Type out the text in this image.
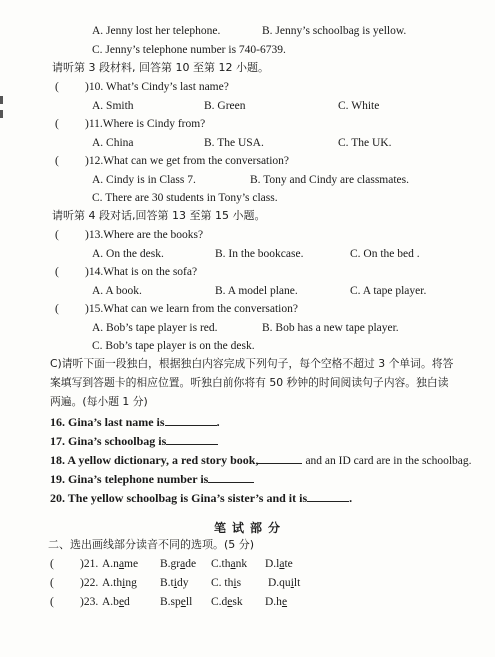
A. Jenny lost her telephone.	B. Jenny’s schoolbag is yellow.
C. Jenny’s telephone number is 740-6739.
请听第 3 段材料, 回答第 10 至第 12 小题。
( )10. What’s Cindy’s last name?
A. Smith	B. Green	C. White
( )11.Where is Cindy from?
A. China	B. The USA.	C. The UK.
( )12.What can we get from the conversation?
A. Cindy is in Class 7.	B. Tony and Cindy are classmates.
C. There are 30 students in Tony’s class.
请听第 4 段对话,回答第 13 至第 15 小题。
( )13.Where are the books?
A. On the desk.	B. In the bookcase.	C. On the bed .
( )14.What is on the sofa?
A. A book.	B. A model plane.	C. A tape player.
( )15.What can we learn from the conversation?
A. Bob’s tape player is red.	B. Bob has a new tape player.
C. Bob’s tape player is on the desk.
C)请听下面一段独白，根据独白内容完成下列句子，每个空格不超过 3 个单词。将答
案填写到答题卡的相应位置。听独白前你将有 50 秒钟的时间阅读句子内容。独白读
两遍。(每小题 1 分)
16. Gina’s last name is	.
17. Gina’s schoolbag is
18. A yellow dictionary, a red story book,	and an ID card are in the schoolbag.
19. Gina’s telephone number is
20. The yellow schoolbag is Gina’s sister’s and it is	.
笔试部分
二、选出画线部分读音不同的选项。(5 分)
( )21. A.name B.grade C.thank D.late
( )22. A.thing B.tidy C. this D.quilt
( )23. A.bed	B.spell C.desk D.he
